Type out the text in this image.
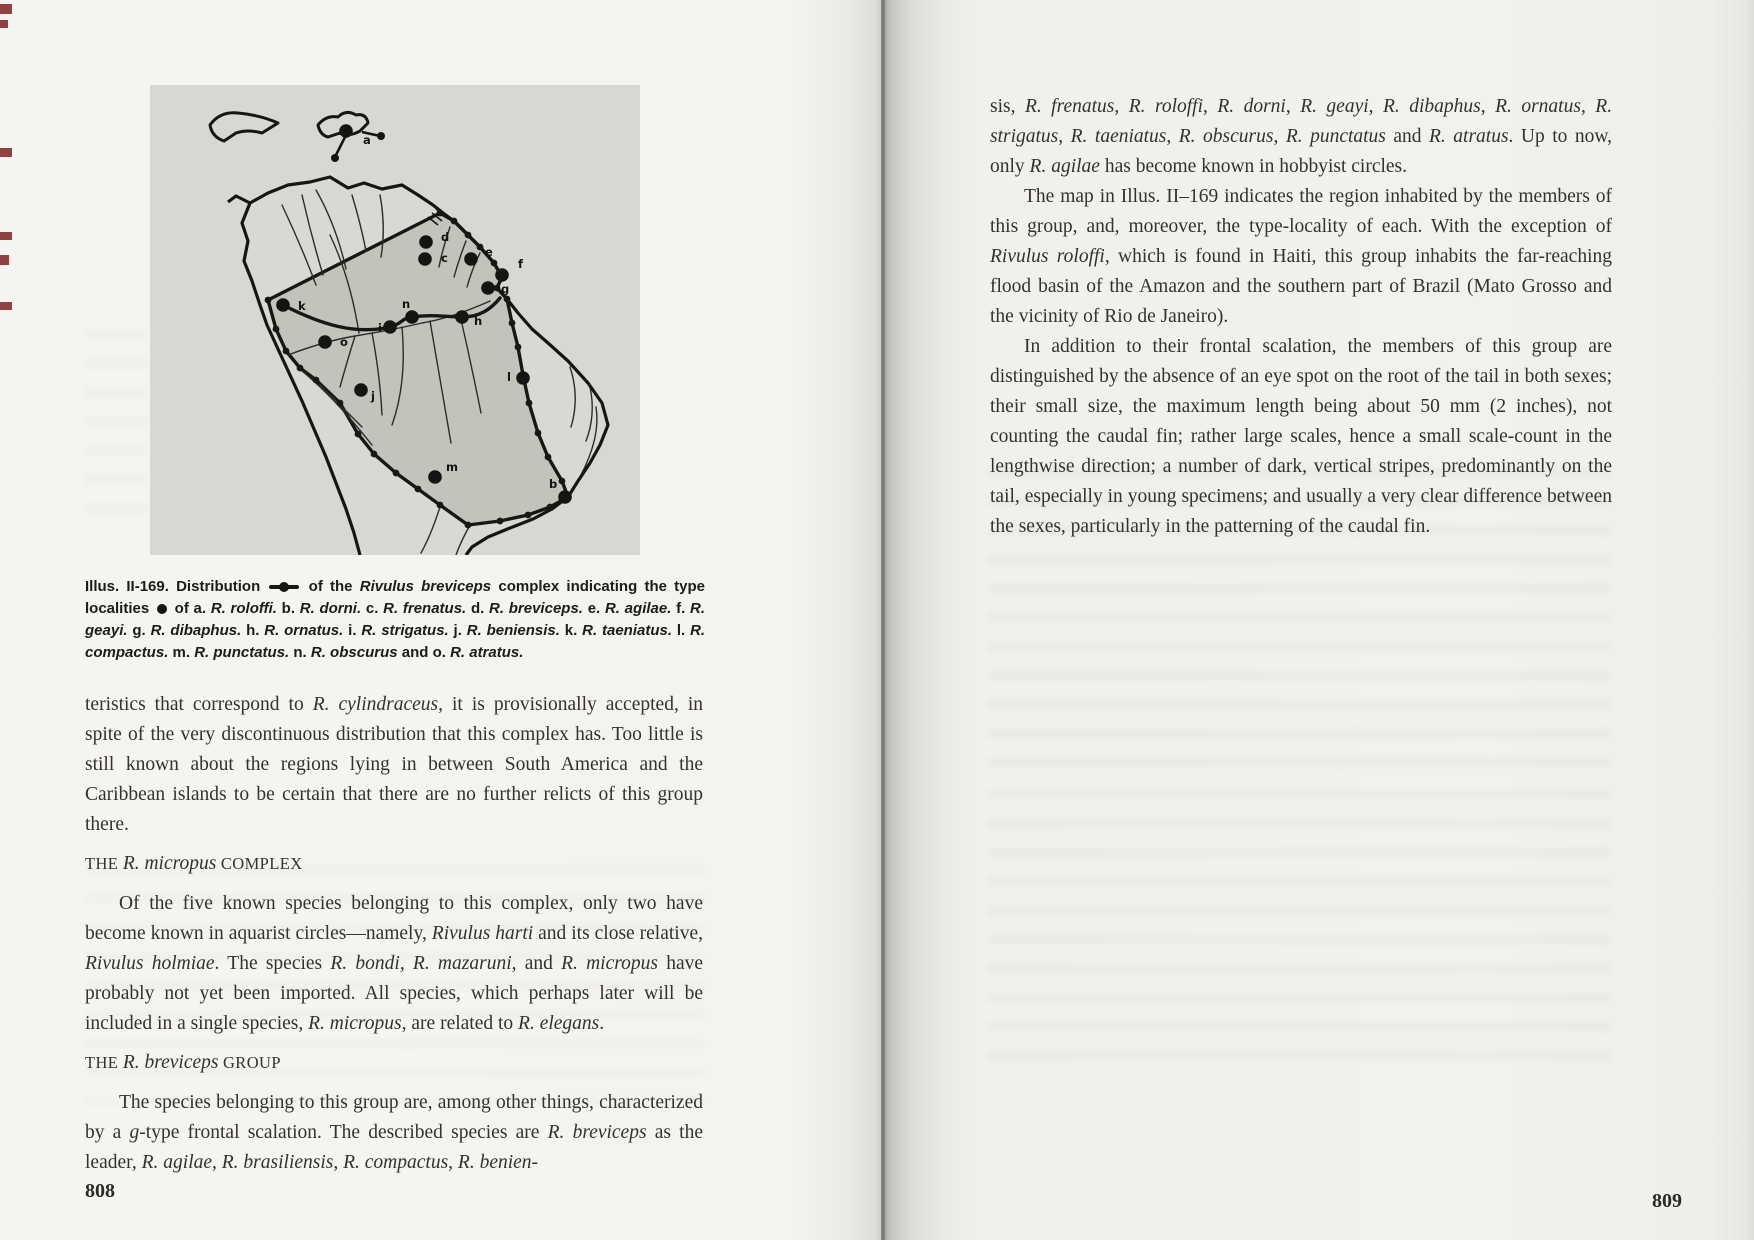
a
b
c
d
e
f
g
h
i
j
k
l
m
n
o
Illus. II-169. Distribution  of the Rivulus breviceps complex indicating the type localities  of a. R. roloffi. b. R. dorni. c. R. frenatus. d. R. breviceps. e. R. agilae. f. R. geayi. g. R. dibaphus. h. R. ornatus. i. R. strigatus. j. R. beniensis. k. R. taeniatus. l. R. compactus. m. R. punctatus. n. R. obscurus and o. R. atratus.

teristics that correspond to R. cylindraceus, it is provisionally accepted, in spite of the very discontinuous distribution that this complex has. Too little is still known about the regions lying in between South America and the Caribbean islands to be certain that there are no further relicts of this group there.

THE R. micropus COMPLEX

Of the five known species belonging to this complex, only two have become known in aquarist circles—namely, Rivulus harti and its close relative, Rivulus holmiae. The species R. bondi, R. mazaruni, and R. micropus have probably not yet been imported. All species, which perhaps later will be included in a single species, R. micropus, are related to R. elegans.

THE R. breviceps GROUP

The species belonging to this group are, among other things, characterized by a g-type frontal scalation. The described species are R. breviceps as the leader, R. agilae, R. brasiliensis, R. compactus, R. benien-

808

sis, R. frenatus, R. roloffi, R. dorni, R. geayi, R. dibaphus, R. ornatus, R. strigatus, R. taeniatus, R. obscurus, R. punctatus and R. atratus. Up to now, only R. agilae has become known in hobbyist circles.

The map in Illus. II–169 indicates the region inhabited by the members of this group, and, moreover, the type-locality of each. With the exception of Rivulus roloffi, which is found in Haiti, this group inhabits the far-reaching flood basin of the Amazon and the southern part of Brazil (Mato Grosso and the vicinity of Rio de Janeiro).

In addition to their frontal scalation, the members of this group are distinguished by the absence of an eye spot on the root of the tail in both sexes; their small size, the maximum length being about 50 mm (2 inches), not counting the caudal fin; rather large scales, hence a small scale-count in the lengthwise direction; a number of dark, vertical stripes, predominantly on the tail, especially in young specimens; and usually a very clear difference between the sexes, particularly in the patterning of the caudal fin.

809
